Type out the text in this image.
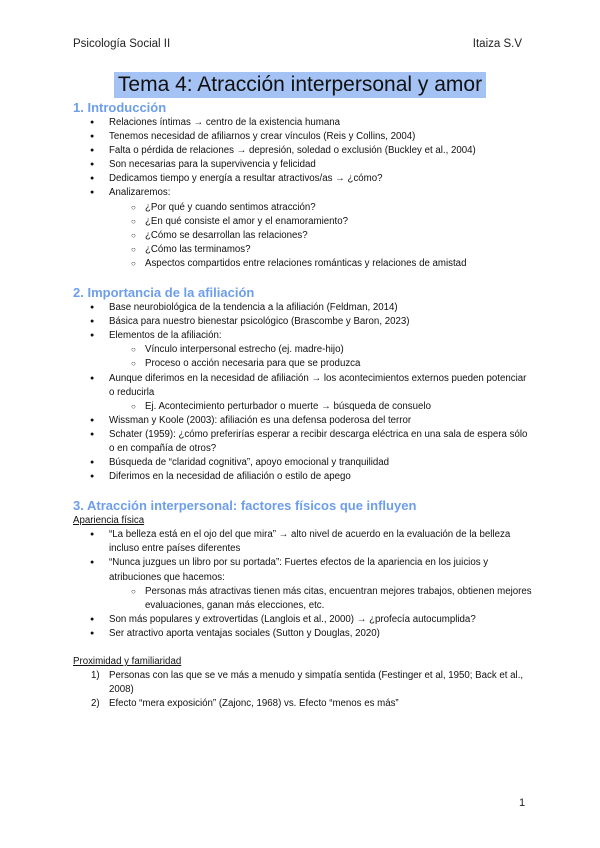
Psicología Social II	Itaiza S.V
Tema 4: Atracción interpersonal y amor
1. Introducción
● Relaciones íntimas → centro de la existencia humana
● Tenemos necesidad de afiliarnos y crear vínculos (Reis y Collins, 2004)
● Falta o pérdida de relaciones → depresión, soledad o exclusión (Buckley et al., 2004)
● Son necesarias para la supervivencia y felicidad
● Dedicamos tiempo y energía a resultar atractivos/as → ¿cómo?
● Analizaremos:
○ ¿Por qué y cuando sentimos atracción?
○ ¿En qué consiste el amor y el enamoramiento?
○ ¿Cómo se desarrollan las relaciones?
○ ¿Cómo las terminamos?
○ Aspectos compartidos entre relaciones románticas y relaciones de amistad
2. Importancia de la afiliación
● Base neurobiológica de la tendencia a la afiliación (Feldman, 2014)
● Básica para nuestro bienestar psicológico (Brascombe y Baron, 2023)
● Elementos de la afiliación:
○ Vínculo interpersonal estrecho (ej. madre-hijo)
○ Proceso o acción necesaria para que se produzca
● Aunque diferimos en la necesidad de afiliación → los acontecimientos externos pueden potenciar o reducirla
○ Ej. Acontecimiento perturbador o muerte → búsqueda de consuelo
● Wissman y Koole (2003): afiliación es una defensa poderosa del terror
● Schater (1959): ¿cómo preferirías esperar a recibir descarga eléctrica en una sala de espera sólo o en compañía de otros?
● Búsqueda de “claridad cognitiva”, apoyo emocional y tranquilidad
● Diferimos en la necesidad de afiliación o estilo de apego
3. Atracción interpersonal: factores físicos que influyen
Apariencia física
● “La belleza está en el ojo del que mira” → alto nivel de acuerdo en la evaluación de la belleza incluso entre países diferentes
● “Nunca juzgues un libro por su portada”: Fuertes efectos de la apariencia en los juicios y atribuciones que hacemos:
○ Personas más atractivas tienen más citas, encuentran mejores trabajos, obtienen mejores evaluaciones, ganan más elecciones, etc.
● Son más populares y extrovertidas (Langlois et al., 2000) → ¿profecía autocumplida?
● Ser atractivo aporta ventajas sociales (Sutton y Douglas, 2020)
Proximidad y familiaridad
1) Personas con las que se ve más a menudo y simpatía sentida (Festinger et al, 1950; Back et al., 2008)
2) Efecto “mera exposición” (Zajonc, 1968) vs. Efecto “menos es más”
1
